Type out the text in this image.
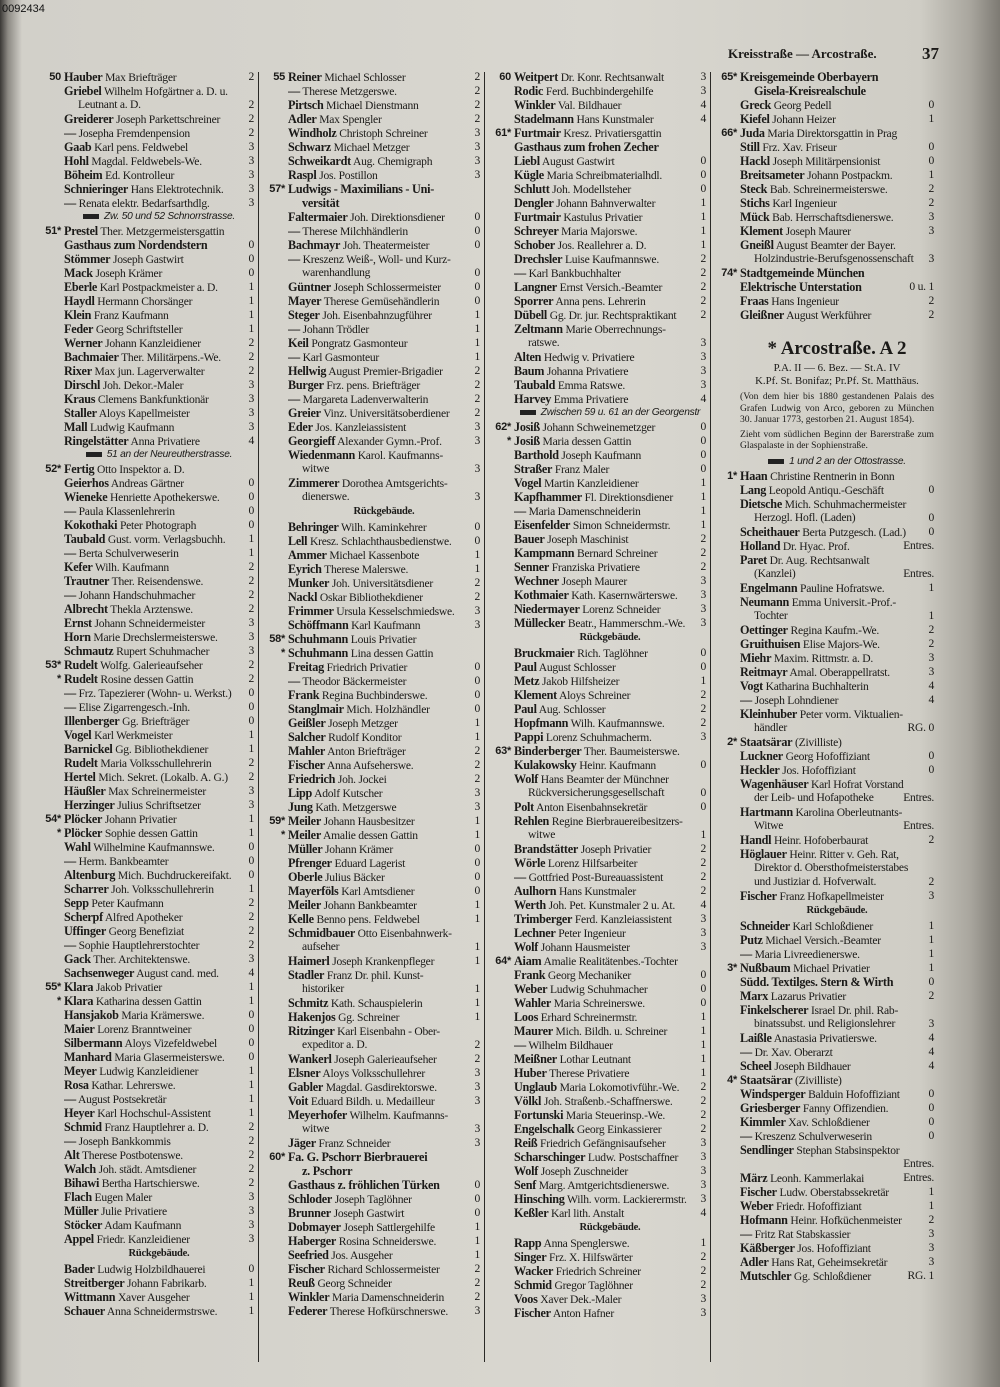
0092434
Kreisstraße — Arcostraße.	37
50 Hauber Max Briefträger	2
Griebel Wilhelm Hofgärtner a. D. u.
Leutnant a. D.	2
Greiderer Joseph Parkettschreiner	2
— Josepha Fremdenpension	2
Gaab Karl pens. Feldwebel	3
Hohl Magdal. Feldwebels-We.	3
Böheim Ed. Kontrolleur	3
Schnieringer Hans Elektrotechnik.	3
— Renata elektr. Bedarfsarthdlg.	3
Zw. 50 und 52 Schnorrstrasse.
51* Prestel Ther. Metzgermeistersgattin
Gasthaus zum Nordendstern	0
Stömmer Joseph Gastwirt	0
Mack Joseph Krämer	0
Eberle Karl Postpackmeister a. D.	1
Haydl Hermann Chorsänger	1
Klein Franz Kaufmann	1
Feder Georg Schriftsteller	1
Werner Johann Kanzleidiener	2
Bachmaier Ther. Militärpens.-We.	2
Rixer Max jun. Lagerverwalter	2
Dirschl Joh. Dekor.-Maler	3
Kraus Clemens Bankfunktionär	3
Staller Aloys Kapellmeister	3
Mall Ludwig Kaufmann	3
Ringelstätter Anna Privatiere	4
51 an der Neureutherstrasse.
52* Fertig Otto Inspektor a. D.
Geierhos Andreas Gärtner	0
Wieneke Henriette Apothekerswe.	0
— Paula Klassenlehrerin	0
Kokothaki Peter Photograph	0
Taubald Gust. vorm. Verlagsbuchh.	1
— Berta Schulverweserin	1
Kefer Wilh. Kaufmann	2
Trautner Ther. Reisendenswe.	2
— Johann Handschuhmacher	2
Albrecht Thekla Arztenswe.	2
Ernst Johann Schneidermeister	3
Horn Marie Drechslermeisterswe.	3
Schmautz Rupert Schuhmacher	3
53* Rudelt Wolfg. Galerieaufseher	2
* Rudelt Rosine dessen Gattin	2
— Frz. Tapezierer (Wohn- u. Werkst.)	0
— Elise Zigarrengesch.-Inh.	0
Illenberger Gg. Briefträger	0
Vogel Karl Werkmeister	1
Barnickel Gg. Bibliothekdiener	1
Rudelt Maria Volksschullehrerin	2
Hertel Mich. Sekret. (Lokalb. A. G.)	2
Häußler Max Schreinermeister	3
Herzinger Julius Schriftsetzer	3
54* Plöcker Johann Privatier	1
* Plöcker Sophie dessen Gattin	1
Wahl Wilhelmine Kaufmannswe.	0
— Herm. Bankbeamter	0
Altenburg Mich. Buchdruckereifakt.	0
Scharrer Joh. Volksschullehrerin	1
Sepp Peter Kaufmann	2
Scherpf Alfred Apotheker	2
Uffinger Georg Benefiziat	2
— Sophie Hauptlehrerstochter	2
Gack Ther. Architektenswe.	3
Sachsenweger August cand. med.	4
55* Klara Jakob Privatier	1
* Klara Katharina dessen Gattin	1
Hansjakob Maria Krämerswe.	0
Maier Lorenz Branntweiner	0
Silbermann Aloys Vizefeldwebel	0
Manhard Maria Glasermeisterswe.	0
Meyer Ludwig Kanzleidiener	1
Rosa Kathar. Lehrerswe.	1
— August Postsekretär	1
Heyer Karl Hochschul-Assistent	1
Schmid Franz Hauptlehrer a. D.	2
— Joseph Bankkommis	2
Alt Therese Postbotenswe.	2
Walch Joh. städt. Amtsdiener	2
Bihawi Bertha Hartschierswe.	2
Flach Eugen Maler	3
Müller Julie Privatiere	3
Stöcker Adam Kaufmann	3
Appel Friedr. Kanzleidiener	3
Rückgebäude.
Bader Ludwig Holzbildhauerei	0
Streitberger Johann Fabrikarb.	1
Wittmann Xaver Ausgeher	1
Schauer Anna Schneidermstrswe.	1
55 Reiner Michael Schlosser	2
— Therese Metzgerswe.	2
Pirtsch Michael Dienstmann	2
Adler Max Spengler	2
Windholz Christoph Schreiner	3
Schwarz Michael Metzger	3
Schweikardt Aug. Chemigraph	3
Raspl Jos. Postillon	3
57* Ludwigs - Maximilians - Uni-
versität
Faltermaier Joh. Direktionsdiener	0
— Therese Milchhändlerin	0
Bachmayr Joh. Theatermeister	0
— Kreszenz Weiß-, Woll- und Kurz-
warenhandlung	0
Güntner Joseph Schlossermeister	0
Mayer Therese Gemüsehändlerin	0
Steger Joh. Eisenbahnzugführer	1
— Johann Trödler	1
Keil Pongratz Gasmonteur	1
— Karl Gasmonteur	1
Hellwig August Premier-Brigadier	2
Burger Frz. pens. Briefträger	2
— Margareta Ladenverwalterin	2
Greier Vinz. Universitätsoberdiener	2
Eder Jos. Kanzleiassistent	3
Georgieff Alexander Gymn.-Prof.	3
Wiedenmann Karol. Kaufmanns-
witwe	3
Zimmerer Dorothea Amtsgerichts-
dienerswe.	3
Rückgebäude.
Behringer Wilh. Kaminkehrer	0
Lell Kresz. Schlachthausbedienstwe.	0
Ammer Michael Kassenbote	1
Eyrich Therese Malerswe.	1
Munker Joh. Universitätsdiener	2
Nackl Oskar Bibliothekdiener	2
Frimmer Ursula Kesselschmiedswe.	3
Schöffmann Karl Kaufmann	3
58* Schuhmann Louis Privatier
* Schuhmann Lina dessen Gattin
Freitag Friedrich Privatier	0
— Theodor Bäckermeister	0
Frank Regina Buchbinderswe.	0
Stanglmair Mich. Holzhändler	0
Geißler Joseph Metzger	1
Salcher Rudolf Konditor	1
Mahler Anton Briefträger	2
Fischer Anna Aufseherswe.	2
Friedrich Joh. Jockei	2
Lipp Adolf Kutscher	3
Jung Kath. Metzgerswe	3
59* Meiler Johann Hausbesitzer	1
* Meiler Amalie dessen Gattin	1
Müller Johann Krämer	0
Pfrenger Eduard Lagerist	0
Oberle Julius Bäcker	0
Mayerföls Karl Amtsdiener	0
Meiler Johann Bankbeamter	1
Kelle Benno pens. Feldwebel	1
Schmidbauer Otto Eisenbahnwerk-
aufseher	1
Haimerl Joseph Krankenpfleger	1
Stadler Franz Dr. phil. Kunst-
historiker	1
Schmitz Kath. Schauspielerin	1
Hakenjos Gg. Schreiner	1
Ritzinger Karl Eisenbahn - Ober-
expeditor a. D.	2
Wankerl Joseph Galerieaufseher	2
Elsner Aloys Volksschullehrer	3
Gabler Magdal. Gasdirektorswe.	3
Voit Eduard Bildh. u. Medailleur	3
Meyerhofer Wilhelm. Kaufmanns-
witwe	3
Jäger Franz Schneider	3
60* Fa. G. Pschorr Bierbrauerei
z. Pschorr
Gasthaus z. fröhlichen Türken	0
Schloder Joseph Taglöhner	0
Brunner Joseph Gastwirt	0
Dobmayer Joseph Sattlergehilfe	1
Haberger Rosina Schneiderswe.	1
Seefried Jos. Ausgeher	1
Fischer Richard Schlossermeister	2
Reuß Georg Schneider	2
Winkler Maria Damenschneiderin	2
Federer Therese Hofkürschnerswe.	3
60 Weitpert Dr. Konr. Rechtsanwalt	3
Rodic Ferd. Buchbindergehilfe	3
Winkler Val. Bildhauer	4
Stadelmann Hans Kunstmaler	4
61* Furtmair Kresz. Privatiersgattin
Gasthaus zum frohen Zecher
Liebl August Gastwirt	0
Kügle Maria Schreibmaterialhdl.	0
Schlutt Joh. Modellsteher	0
Dengler Johann Bahnverwalter	1
Furtmair Kastulus Privatier	1
Schreyer Maria Majorswe.	1
Schober Jos. Reallehrer a. D.	1
Drechsler Luise Kaufmannswe.	2
— Karl Bankbuchhalter	2
Langner Ernst Versich.-Beamter	2
Sporrer Anna pens. Lehrerin	2
Dübell Gg. Dr. jur. Rechtspraktikant	2
Zeltmann Marie Oberrechnungs-
ratswe.	3
Alten Hedwig v. Privatiere	3
Baum Johanna Privatiere	3
Taubald Emma Ratswe.	3
Harvey Emma Privatiere	4
Zwischen 59 u. 61 an der Georgenstr
62* Josiß Johann Schweinemetzger	0
* Josiß Maria dessen Gattin	0
Barthold Joseph Kaufmann	0
Straßer Franz Maler	0
Vogel Martin Kanzleidiener	1
Kapfhammer Fl. Direktionsdiener	1
— Maria Damenschneiderin	1
Eisenfelder Simon Schneidermstr.	1
Bauer Joseph Maschinist	2
Kampmann Bernard Schreiner	2
Senner Franziska Privatiere	2
Wechner Joseph Maurer	3
Kothmaier Kath. Kasernwärterswe.	3
Niedermayer Lorenz Schneider	3
Müllecker Beatr., Hammerschm.-We.	3
Rückgebäude.
Bruckmaier Rich. Taglöhner	0
Paul August Schlosser	0
Metz Jakob Hilfsheizer	1
Klement Aloys Schreiner	2
Paul Aug. Schlosser	2
Hopfmann Wilh. Kaufmannswe.	2
Pappi Lorenz Schuhmacherm.	3
63* Binderberger Ther. Baumeisterswe.
Kulakowsky Heinr. Kaufmann	0
Wolf Hans Beamter der Münchner
Rückversicherungsgesellschaft	0
Polt Anton Eisenbahnsekretär	0
Rehlen Regine Bierbrauereibesitzers-
witwe	1
Brandstätter Joseph Privatier	2
Wörle Lorenz Hilfsarbeiter	2
— Gottfried Post-Bureauassistent	2
Aulhorn Hans Kunstmaler	2
Werth Joh. Pet. Kunstmaler 2 u. At.	4
Trimberger Ferd. Kanzleiassistent	3
Lechner Peter Ingenieur	3
Wolf Johann Hausmeister	3
64* Aiam Amalie Realitätenbes.-Tochter
Frank Georg Mechaniker	0
Weber Ludwig Schuhmacher	0
Wahler Maria Schreinerswe.	0
Loos Erhard Schreinermstr.	1
Maurer Mich. Bildh. u. Schreiner	1
— Wilhelm Bildhauer	1
Meißner Lothar Leutnant	1
Huber Therese Privatiere	1
Unglaub Maria Lokomotivführ.-We.	2
Völkl Joh. Straßenb.-Schaffnerswe.	2
Fortunski Maria Steuerinsp.-We.	2
Engelschalk Georg Einkassierer	2
Reiß Friedrich Gefängnisaufseher	3
Scharschinger Ludw. Postschaffner	3
Wolf Joseph Zuschneider	3
Senf Marg. Amtgerichtsdienerswe.	3
Hinsching Wilh. vorm. Lackierermstr.	3
Keßler Karl lith. Anstalt	4
Rückgebäude.
Rapp Anna Spenglerswe.	1
Singer Frz. X. Hilfswärter	2
Wacker Friedrich Schreiner	2
Schmid Gregor Taglöhner	2
Voos Xaver Dek.-Maler	3
Fischer Anton Hafner	3
65* Kreisgemeinde Oberbayern
Gisela-Kreisrealschule
Greck Georg Pedell	0
Kiefel Johann Heizer	1
66* Juda Maria Direktorsgattin in Prag
Still Frz. Xav. Friseur	0
Hackl Joseph Militärpensionist	0
Breitsameter Johann Postpackm.	1
Steck Bab. Schreinermeisterswe.	2
Stichs Karl Ingenieur	2
Mück Bab. Herrschaftsdienerswe.	3
Klement Joseph Maurer	3
Gneißl August Beamter der Bayer.
Holzindustrie-Berufsgenossenschaft	3
74* Stadtgemeinde München
Elektrische Unterstation	0 u. 1
Fraas Hans Ingenieur	2
Gleißner August Werkführer	2
* Arcostraße. A 2
P.A. II — 6. Bez. — St.A. IV
K.Pf. St. Bonifaz; Pr.Pf. St. Matthäus.
(Von dem hier bis 1880 gestandenen Palais des Grafen Ludwig von Arco, geboren zu München 30. Januar 1773, gestorben 21. August 1854).
Zieht vom südlichen Beginn der Barerstraße zum Glaspalaste in der Sophienstraße.
1 und 2 an der Ottostrasse.
1* Haan Christine Rentnerin in Bonn
Lang Leopold Antiqu.-Geschäft	0
Dietsche Mich. Schuhmachermeister
Herzogl. Hofl. (Laden)	0
Scheithauer Berta Putzgesch. (Lad.)	0
Holland Dr. Hyac. Prof.	Entres.
Paret Dr. Aug. Rechtsanwalt
(Kanzlei)	Entres.
Engelmann Pauline Hofratswe.	1
Neumann Emma Universit.-Prof.-
Tochter	1
Oettinger Regina Kaufm.-We.	2
Gruithuisen Elise Majors-We.	2
Miehr Maxim. Rittmstr. a. D.	3
Reitmayr Amal. Oberappellratst.	3
Vogt Katharina Buchhalterin	4
— Joseph Lohndiener	4
Kleinhuber Peter vorm. Viktualien-
händler	RG. 0
2* Staatsärar (Zivilliste)
Luckner Georg Hofoffiziant	0
Heckler Jos. Hofoffiziant	0
Wagenhäuser Karl Hofrat Vorstand
der Leib- und Hofapotheke	Entres.
Hartmann Karolina Oberleutnants-
Witwe	Entres.
Handl Heinr. Hofoberbaurat	2
Höglauer Heinr. Ritter v. Geh. Rat,
Direktor d. Obersthofmeisterstabes
und Justiziar d. Hofverwalt.	2
Fischer Franz Hofkapellmeister	3
Rückgebäude.
Schneider Karl Schloßdiener	1
Putz Michael Versich.-Beamter	1
— Maria Livreedienerswe.	1
3* Nußbaum Michael Privatier	1
Südd. Textilges. Stern & Wirth	0
Marx Lazarus Privatier	2
Finkelscherer Israel Dr. phil. Rab-
binatssubst. und Religionslehrer	3
Laißle Anastasia Privatierswe.	4
— Dr. Xav. Oberarzt	4
Scheel Joseph Bildhauer	4
4* Staatsärar (Zivilliste)
Windsperger Balduin Hofoffiziant	0
Griesberger Fanny Offizendien.	0
Kimmler Xav. Schloßdiener	0
— Kreszenz Schulverweserin	0
Sendlinger Stephan Stabsinspektor
Entres.
März Leonh. Kammerlakai	Entres.
Fischer Ludw. Oberstabssekretär	1
Weber Friedr. Hofoffiziant	1
Hofmann Heinr. Hofküchenmeister	2
— Fritz Rat Stabskassier	3
Käßberger Jos. Hofoffiziant	3
Adler Hans Rat, Geheimsekretär	3
Mutschler Gg. Schloßdiener	RG. 1
